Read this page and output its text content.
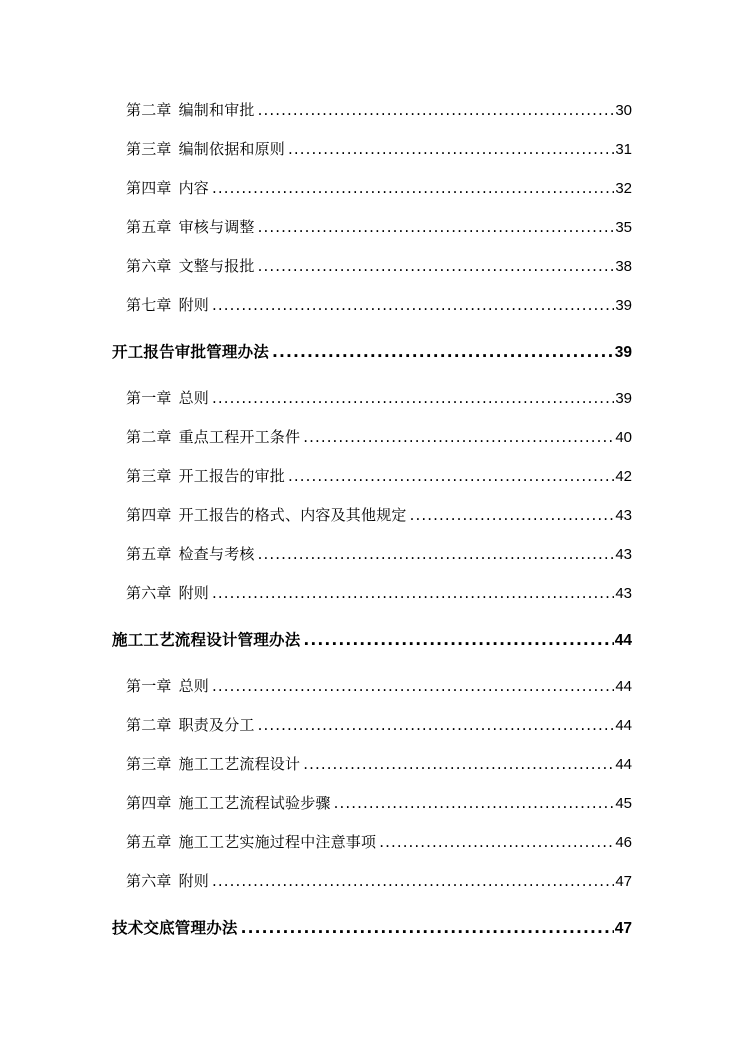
第二章 编制和审批 .....	30
第三章 编制依据和原则 .....	31
第四章 内容 .....	32
第五章 审核与调整 .....	35
第六章 文整与报批 .....	38
第七章 附则 .....	39
开工报告审批管理办法 .....	39
第一章 总则 .....	39
第二章 重点工程开工条件 .....	40
第三章 开工报告的审批 .....	42
第四章 开工报告的格式、内容及其他规定 .....	43
第五章 检查与考核 .....	43
第六章 附则 .....	43
施工工艺流程设计管理办法 .....	44
第一章 总则 .....	44
第二章 职责及分工 .....	44
第三章 施工工艺流程设计 .....	44
第四章 施工工艺流程试验步骤 .....	45
第五章 施工工艺实施过程中注意事项 .....	46
第六章 附则 .....	47
技术交底管理办法 .....	47
